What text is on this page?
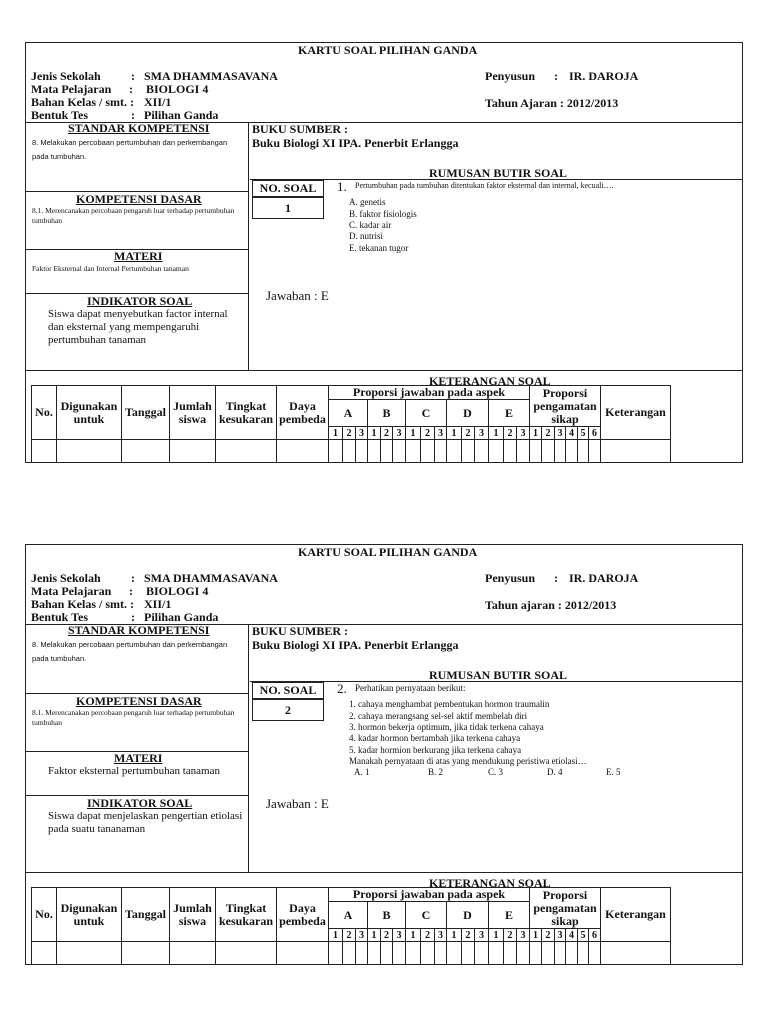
KARTU SOAL PILIHAN GANDA
Jenis Sekolah	: SMA DHAMMASAVANA
Mata Pelajaran : BIOLOGI 4
Bahan Kelas / smt. : XII/1
Bentuk Tes	: Pilihan Ganda
Penyusun : IR. DAROJA
Tahun Ajaran : 2012/2013
STANDAR KOMPETENSI
8. Melakukan percobaan pertumbuhan dan perkembangan pada tumbuhan.
KOMPETENSI DASAR
8.1. Merencanakan percobaan pengaruh luar terhadap pertumbuhan tumbuhan
MATERI
INDIKATOR SOAL
Siswa dapat menyebutkan factor internal dan eksternal yang mempengaruhi pertumbuhan tanaman
BUKU SUMBER :
Buku Biologi XI IPA. Penerbit Erlangga
RUMUSAN BUTIR SOAL
NO. SOAL
1
1.
KETERANGAN SOAL
Faktor Eksternal dan Internal Pertumbuhan tanaman
Pertumbuhan pada tumbuhan ditentukan faktor eksternal dan internal, kecuali….
A. genetis
B. faktor fisiologis
C. kadar air
D. nutrisi
E. tekanan tugor
Jawaban : E
No.	Digunakan untuk	Tanggal	Jumlah siswa	Tingkat kesukaran	Daya pembeda	Proporsi jawaban pada aspek															Proporsi pengamatan sikap						Keterangan
						A			B			C			D			E									
						1	2	3	1	2	3	1	2	3	1	2	3	1	2	3	1	2	3	4	5	6	

KARTU SOAL PILIHAN GANDA
Jenis Sekolah	: SMA DHAMMASAVANA
Mata Pelajaran : BIOLOGI 4
Bahan Kelas / smt. : XII/1
Bentuk Tes	: Pilihan Ganda
Penyusun : IR. DAROJA
Tahun ajaran : 2012/2013
STANDAR KOMPETENSI
8. Melakukan percobaan pertumbuhan dan perkembangan pada tumbuhan.
KOMPETENSI DASAR
8.1. Merencanakan percobaan pengaruh luar terhadap pertumbuhan tumbuhan
MATERI
INDIKATOR SOAL
Siswa dapat menjelaskan pengertian etiolasi pada suatu tananaman
BUKU SUMBER :
Buku Biologi XI IPA. Penerbit Erlangga
RUMUSAN BUTIR SOAL
NO. SOAL
2
2.
KETERANGAN SOAL
Faktor eksternal pertumbuhan tanaman
Perhatikan pernyataan berikut:
1. cahaya menghambat pembentukan hormon traumalin
2. cahaya merangsang sel-sel aktif membelah diri
3. hormon bekerja optimum, jika tidak terkena cahaya
4. kadar hormon bertambah jika terkena cahaya
5. kadar hormion berkurang jika terkena cahaya
Manakah pernyataan di atas yang mendukung peristiwa etiolasi…
A. 1	B. 2	C. 3	D. 4	E. 5
Jawaban : E
No.	Digunakan untuk	Tanggal	Jumlah siswa	Tingkat kesukaran	Daya pembeda	Proporsi jawaban pada aspek															Proporsi pengamatan sikap						Keterangan
						A			B			C			D			E									
						1	2	3	1	2	3	1	2	3	1	2	3	1	2	3	1	2	3	4	5	6	
